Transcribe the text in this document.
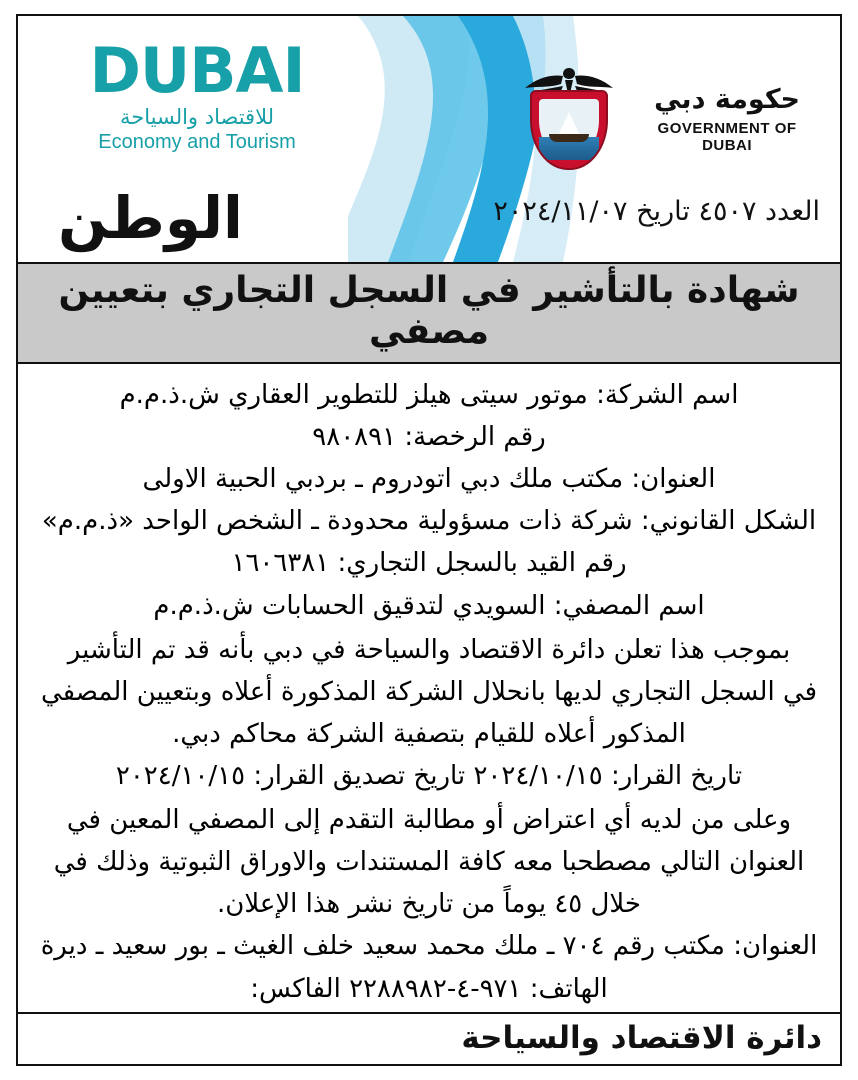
حكومة دبي
GOVERNMENT OF DUBAI
DUBAI
للاقتصاد والسياحة
Economy and Tourism
الوطن	العدد ٤٥٠٧ تاريخ ٢٠٢٤/١١/٠٧
شهادة بالتأشير في السجل التجاري بتعيين مصفي

اسم الشركة: موتور سيتى هيلز للتطوير العقاري ش.ذ.م.م

رقم الرخصة: ٩٨٠٨٩١

العنوان: مكتب ملك دبي اتودروم ـ بردبي الحبية الاولى

الشكل القانوني: شركة ذات مسؤولية محدودة ـ الشخص الواحد «ذ.م.م»

رقم القيد بالسجل التجاري: ١٦٠٦٣٨١

اسم المصفي: السويدي لتدقيق الحسابات ش.ذ.م.م

بموجب هذا تعلن دائرة الاقتصاد والسياحة في دبي بأنه قد تم التأشير

في السجل التجاري لديها بانحلال الشركة المذكورة أعلاه وبتعيين المصفي

المذكور أعلاه للقيام بتصفية الشركة محاكم دبي.

تاريخ القرار: ٢٠٢٤/١٠/١٥ تاريخ تصديق القرار: ٢٠٢٤/١٠/١٥

وعلى من لديه أي اعتراض أو مطالبة التقدم إلى المصفي المعين في

العنوان التالي مصطحبا معه كافة المستندات والاوراق الثبوتية وذلك في

خلال ٤٥ يوماً من تاريخ نشر هذا الإعلان.

العنوان: مكتب رقم ٧٠٤ ـ ملك محمد سعيد خلف الغيث ـ بور سعيد ـ ديرة

الهاتف: ٩٧١-٤-٢٢٨٨٩٨٢ الفاكس:

دائرة الاقتصاد والسياحة
